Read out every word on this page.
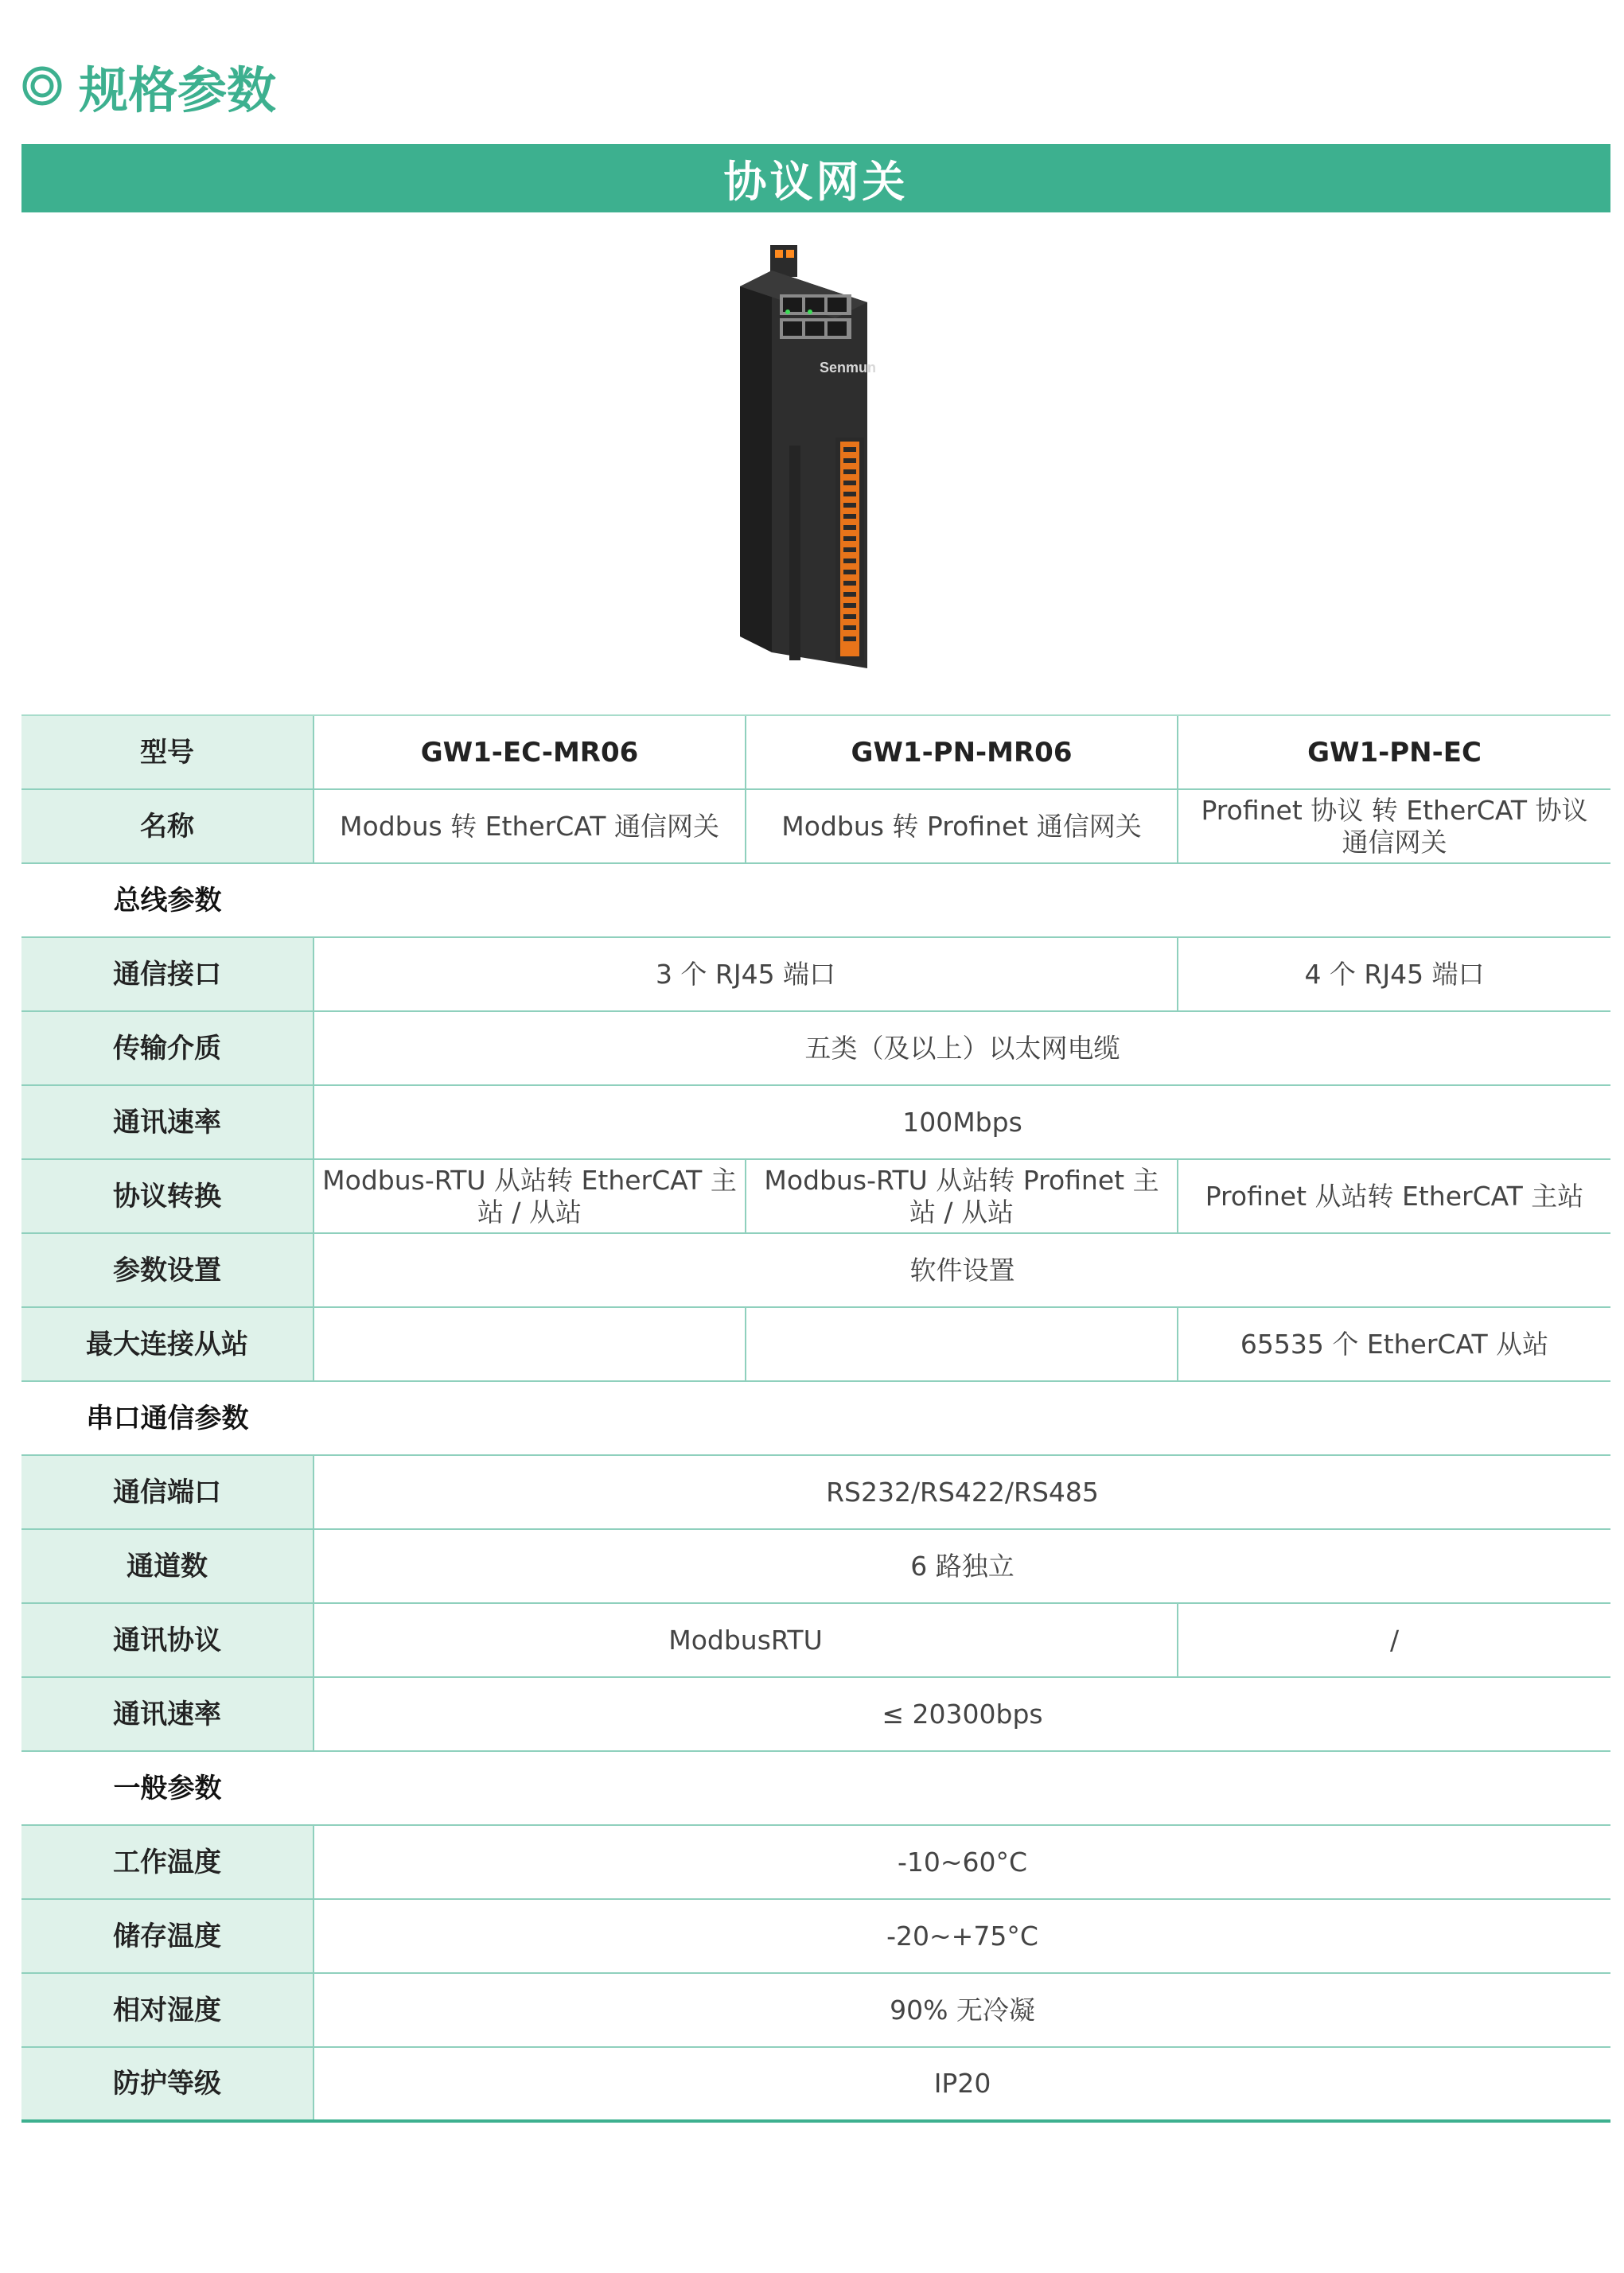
规格参数
协议网关
Senmun
型号	GW1-EC-MR06	GW1-PN-MR06	GW1-PN-EC
名称	Modbus 转 EtherCAT 通信网关	Modbus 转 Profinet 通信网关	Profinet 协议 转 EtherCAT 协议 通信网关
总线参数			
通信接口	3 个 RJ45 端口		4 个 RJ45 端口
传输介质	五类（及以上）以太网电缆		
通讯速率	100Mbps		
协议转换	Modbus-RTU 从站转 EtherCAT 主站 / 从站	Modbus-RTU 从站转 Profinet 主站 / 从站	Profinet 从站转 EtherCAT 主站
参数设置	软件设置		
最大连接从站			65535 个 EtherCAT 从站
串口通信参数			
通信端口	RS232/RS422/RS485		
通道数	6 路独立		
通讯协议	ModbusRTU		/
通讯速率	≤ 20300bps		
一般参数			
工作温度	-10~60°C		
储存温度	-20~+75°C		
相对湿度	90% 无冷凝		
防护等级	IP20		
